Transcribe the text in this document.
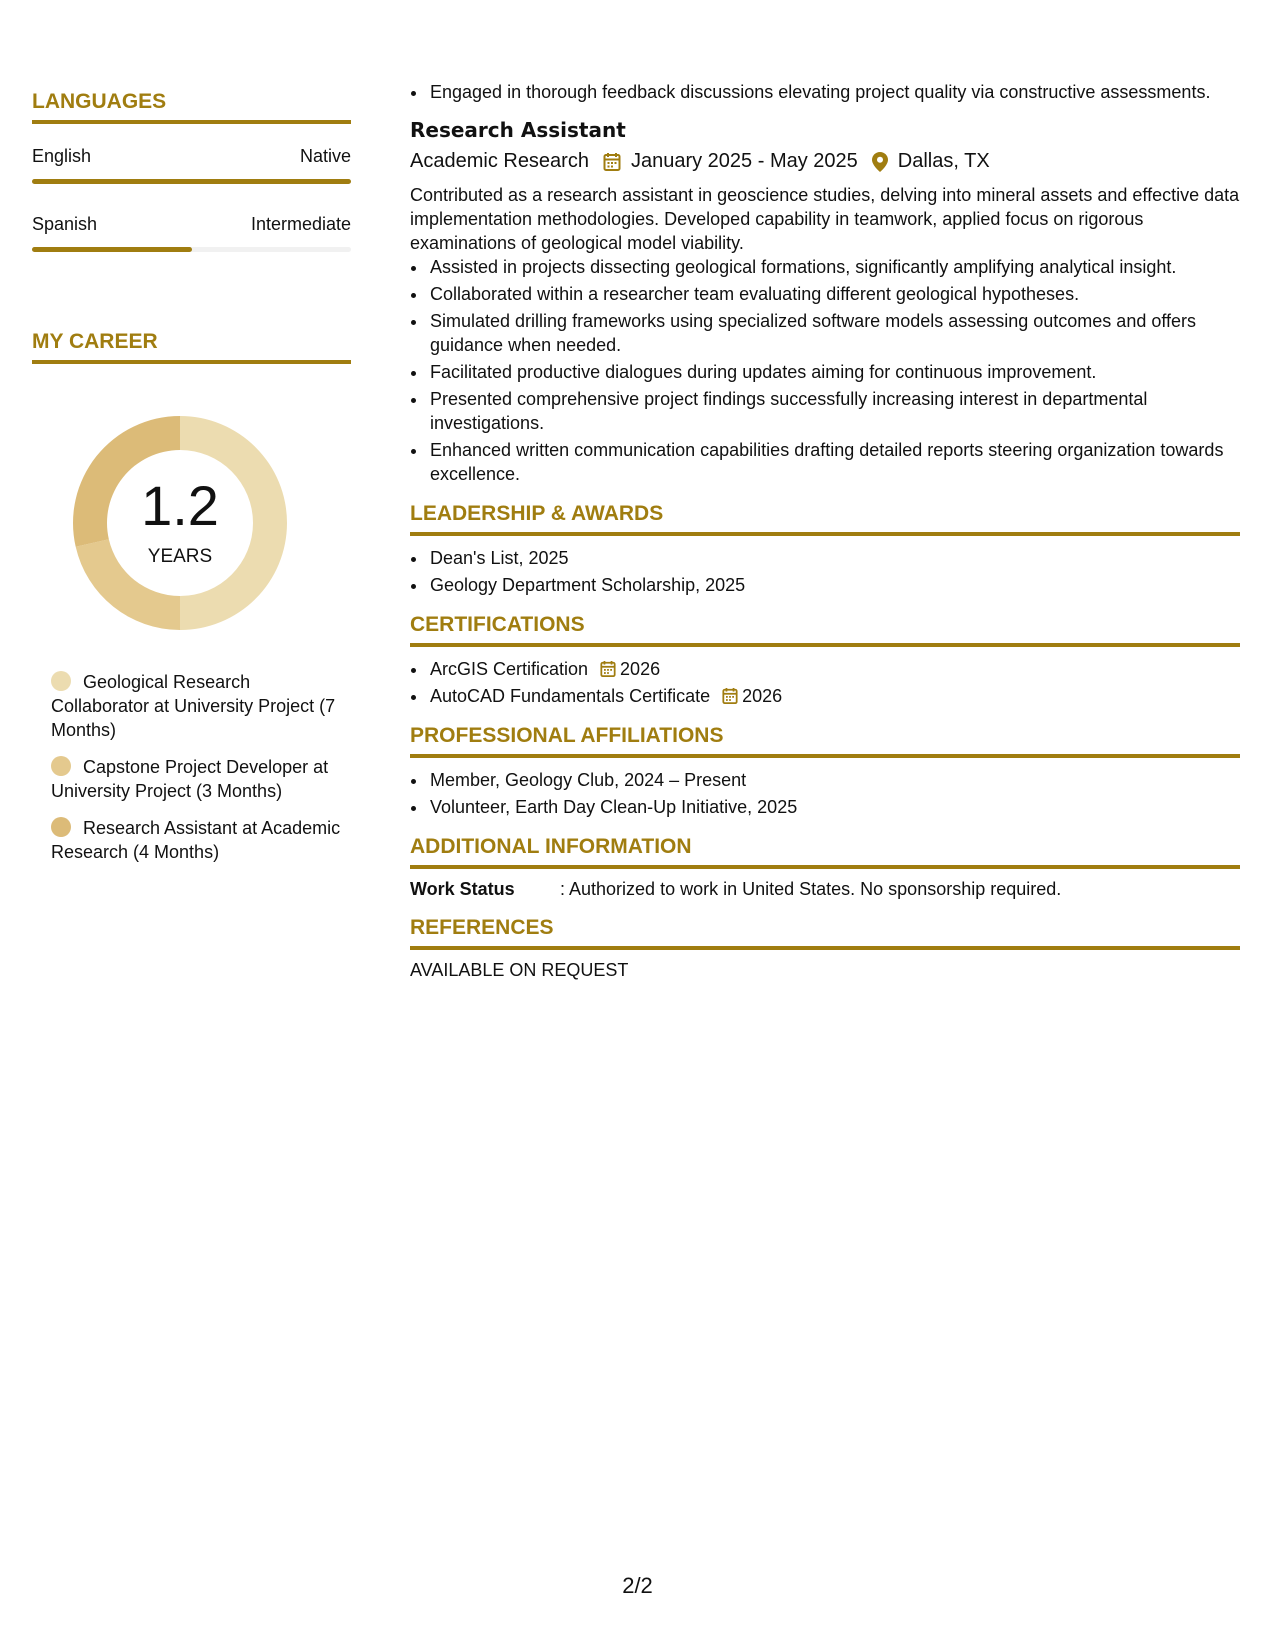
LANGUAGES
English	Native
Spanish	Intermediate
MY CAREER
1.2
YEARS
Geological Research Collaborator at University Project (7 Months)
Capstone Project Developer at University Project (3 Months)
Research Assistant at Academic Research (4 Months)
• Engaged in thorough feedback discussions elevating project quality via constructive assessments.
Research Assistant
Academic Research January 2025 - May 2025 Dallas, TX
Contributed as a research assistant in geoscience studies, delving into mineral assets and effective data implementation methodologies. Developed capability in teamwork, applied focus on rigorous examinations of geological model viability.
• Assisted in projects dissecting geological formations, significantly amplifying analytical insight.
• Collaborated within a researcher team evaluating different geological hypotheses.
• Simulated drilling frameworks using specialized software models assessing outcomes and offers guidance when needed.
• Facilitated productive dialogues during updates aiming for continuous improvement.
• Presented comprehensive project findings successfully increasing interest in departmental investigations.
• Enhanced written communication capabilities drafting detailed reports steering organization towards excellence.
LEADERSHIP & AWARDS
• Dean's List, 2025
• Geology Department Scholarship, 2025
CERTIFICATIONS
• ArcGIS Certification 2026
• AutoCAD Fundamentals Certificate 2026
PROFESSIONAL AFFILIATIONS
• Member, Geology Club, 2024 – Present
• Volunteer, Earth Day Clean-Up Initiative, 2025
ADDITIONAL INFORMATION
Work Status	: Authorized to work in United States. No sponsorship required.
REFERENCES
AVAILABLE ON REQUEST
2/2
